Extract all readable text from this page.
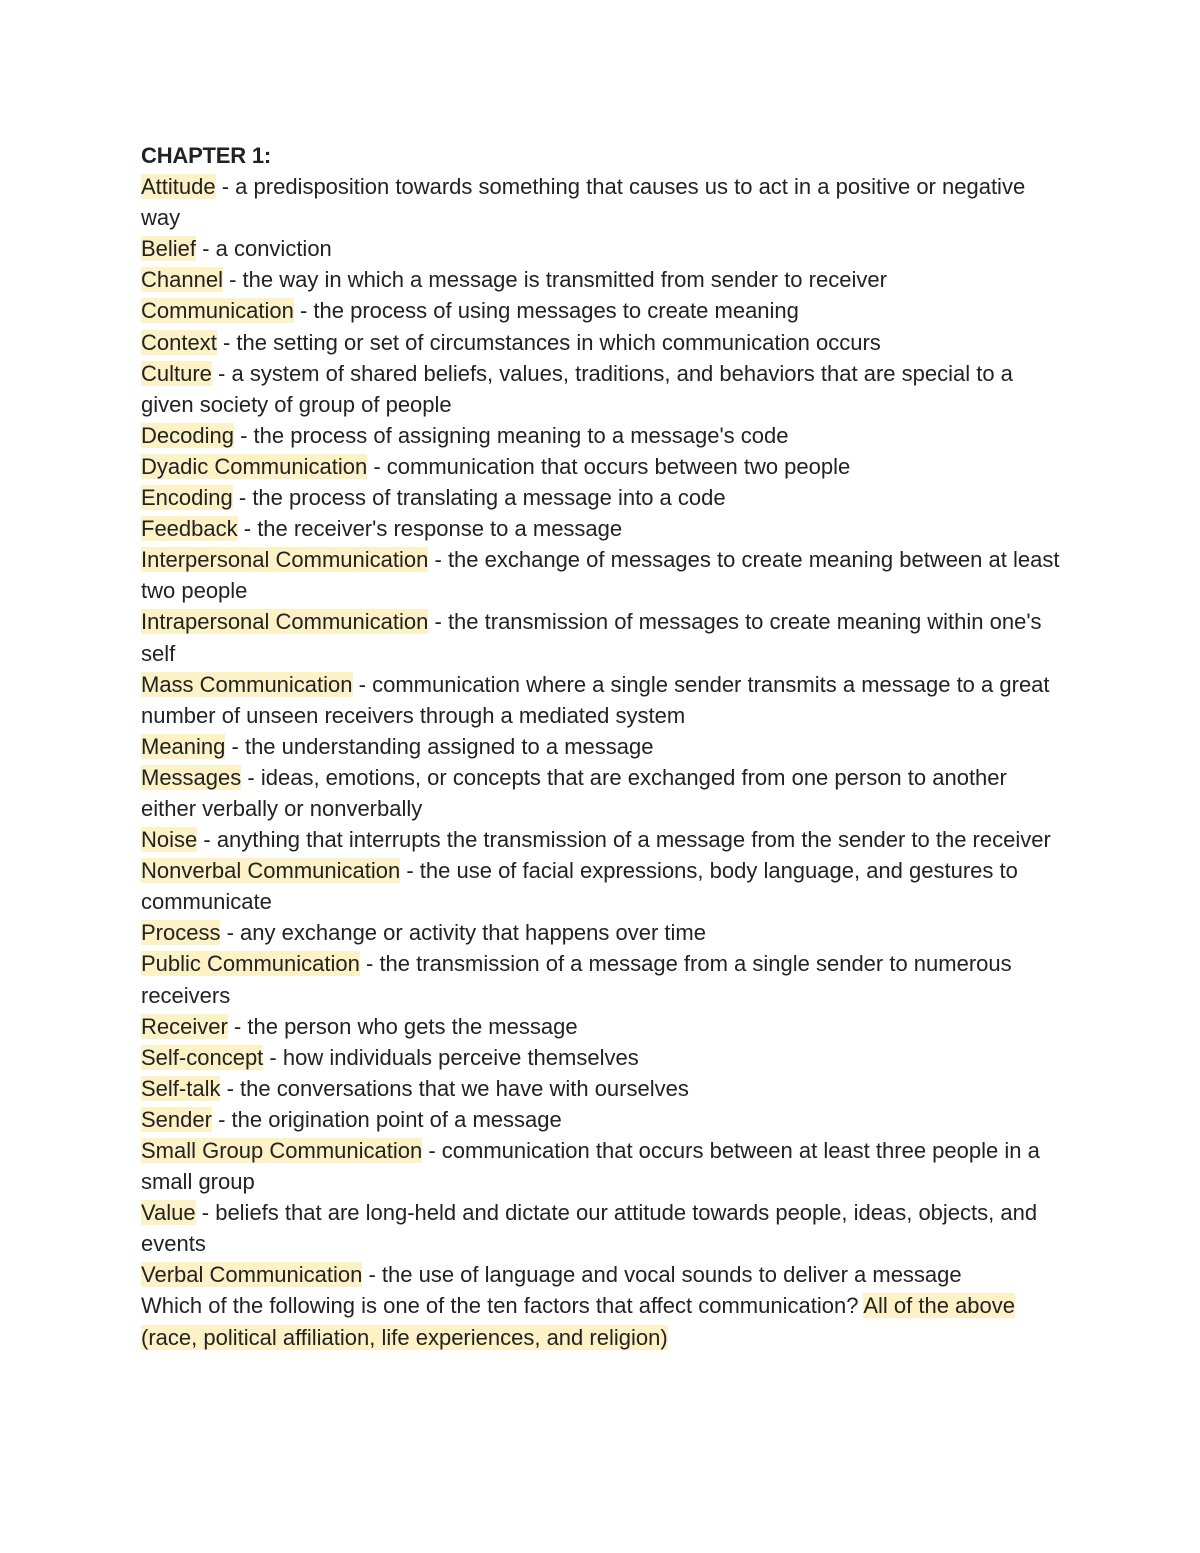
CHAPTER 1:
Attitude - a predisposition towards something that causes us to act in a positive or negative way
Belief - a conviction
Channel - the way in which a message is transmitted from sender to receiver
Communication - the process of using messages to create meaning
Context - the setting or set of circumstances in which communication occurs
Culture - a system of shared beliefs, values, traditions, and behaviors that are special to a given society of group of people
Decoding - the process of assigning meaning to a message's code
Dyadic Communication - communication that occurs between two people
Encoding - the process of translating a message into a code
Feedback - the receiver's response to a message
Interpersonal Communication - the exchange of messages to create meaning between at least two people
Intrapersonal Communication - the transmission of messages to create meaning within one's self
Mass Communication - communication where a single sender transmits a message to a great number of unseen receivers through a mediated system
Meaning - the understanding assigned to a message
Messages - ideas, emotions, or concepts that are exchanged from one person to another either verbally or nonverbally
Noise - anything that interrupts the transmission of a message from the sender to the receiver
Nonverbal Communication - the use of facial expressions, body language, and gestures to communicate
Process - any exchange or activity that happens over time
Public Communication - the transmission of a message from a single sender to numerous receivers
Receiver - the person who gets the message
Self-concept - how individuals perceive themselves
Self-talk - the conversations that we have with ourselves
Sender - the origination point of a message
Small Group Communication - communication that occurs between at least three people in a small group
Value - beliefs that are long-held and dictate our attitude towards people, ideas, objects, and events
Verbal Communication - the use of language and vocal sounds to deliver a message
Which of the following is one of the ten factors that affect communication? All of the above (race, political affiliation, life experiences, and religion)
